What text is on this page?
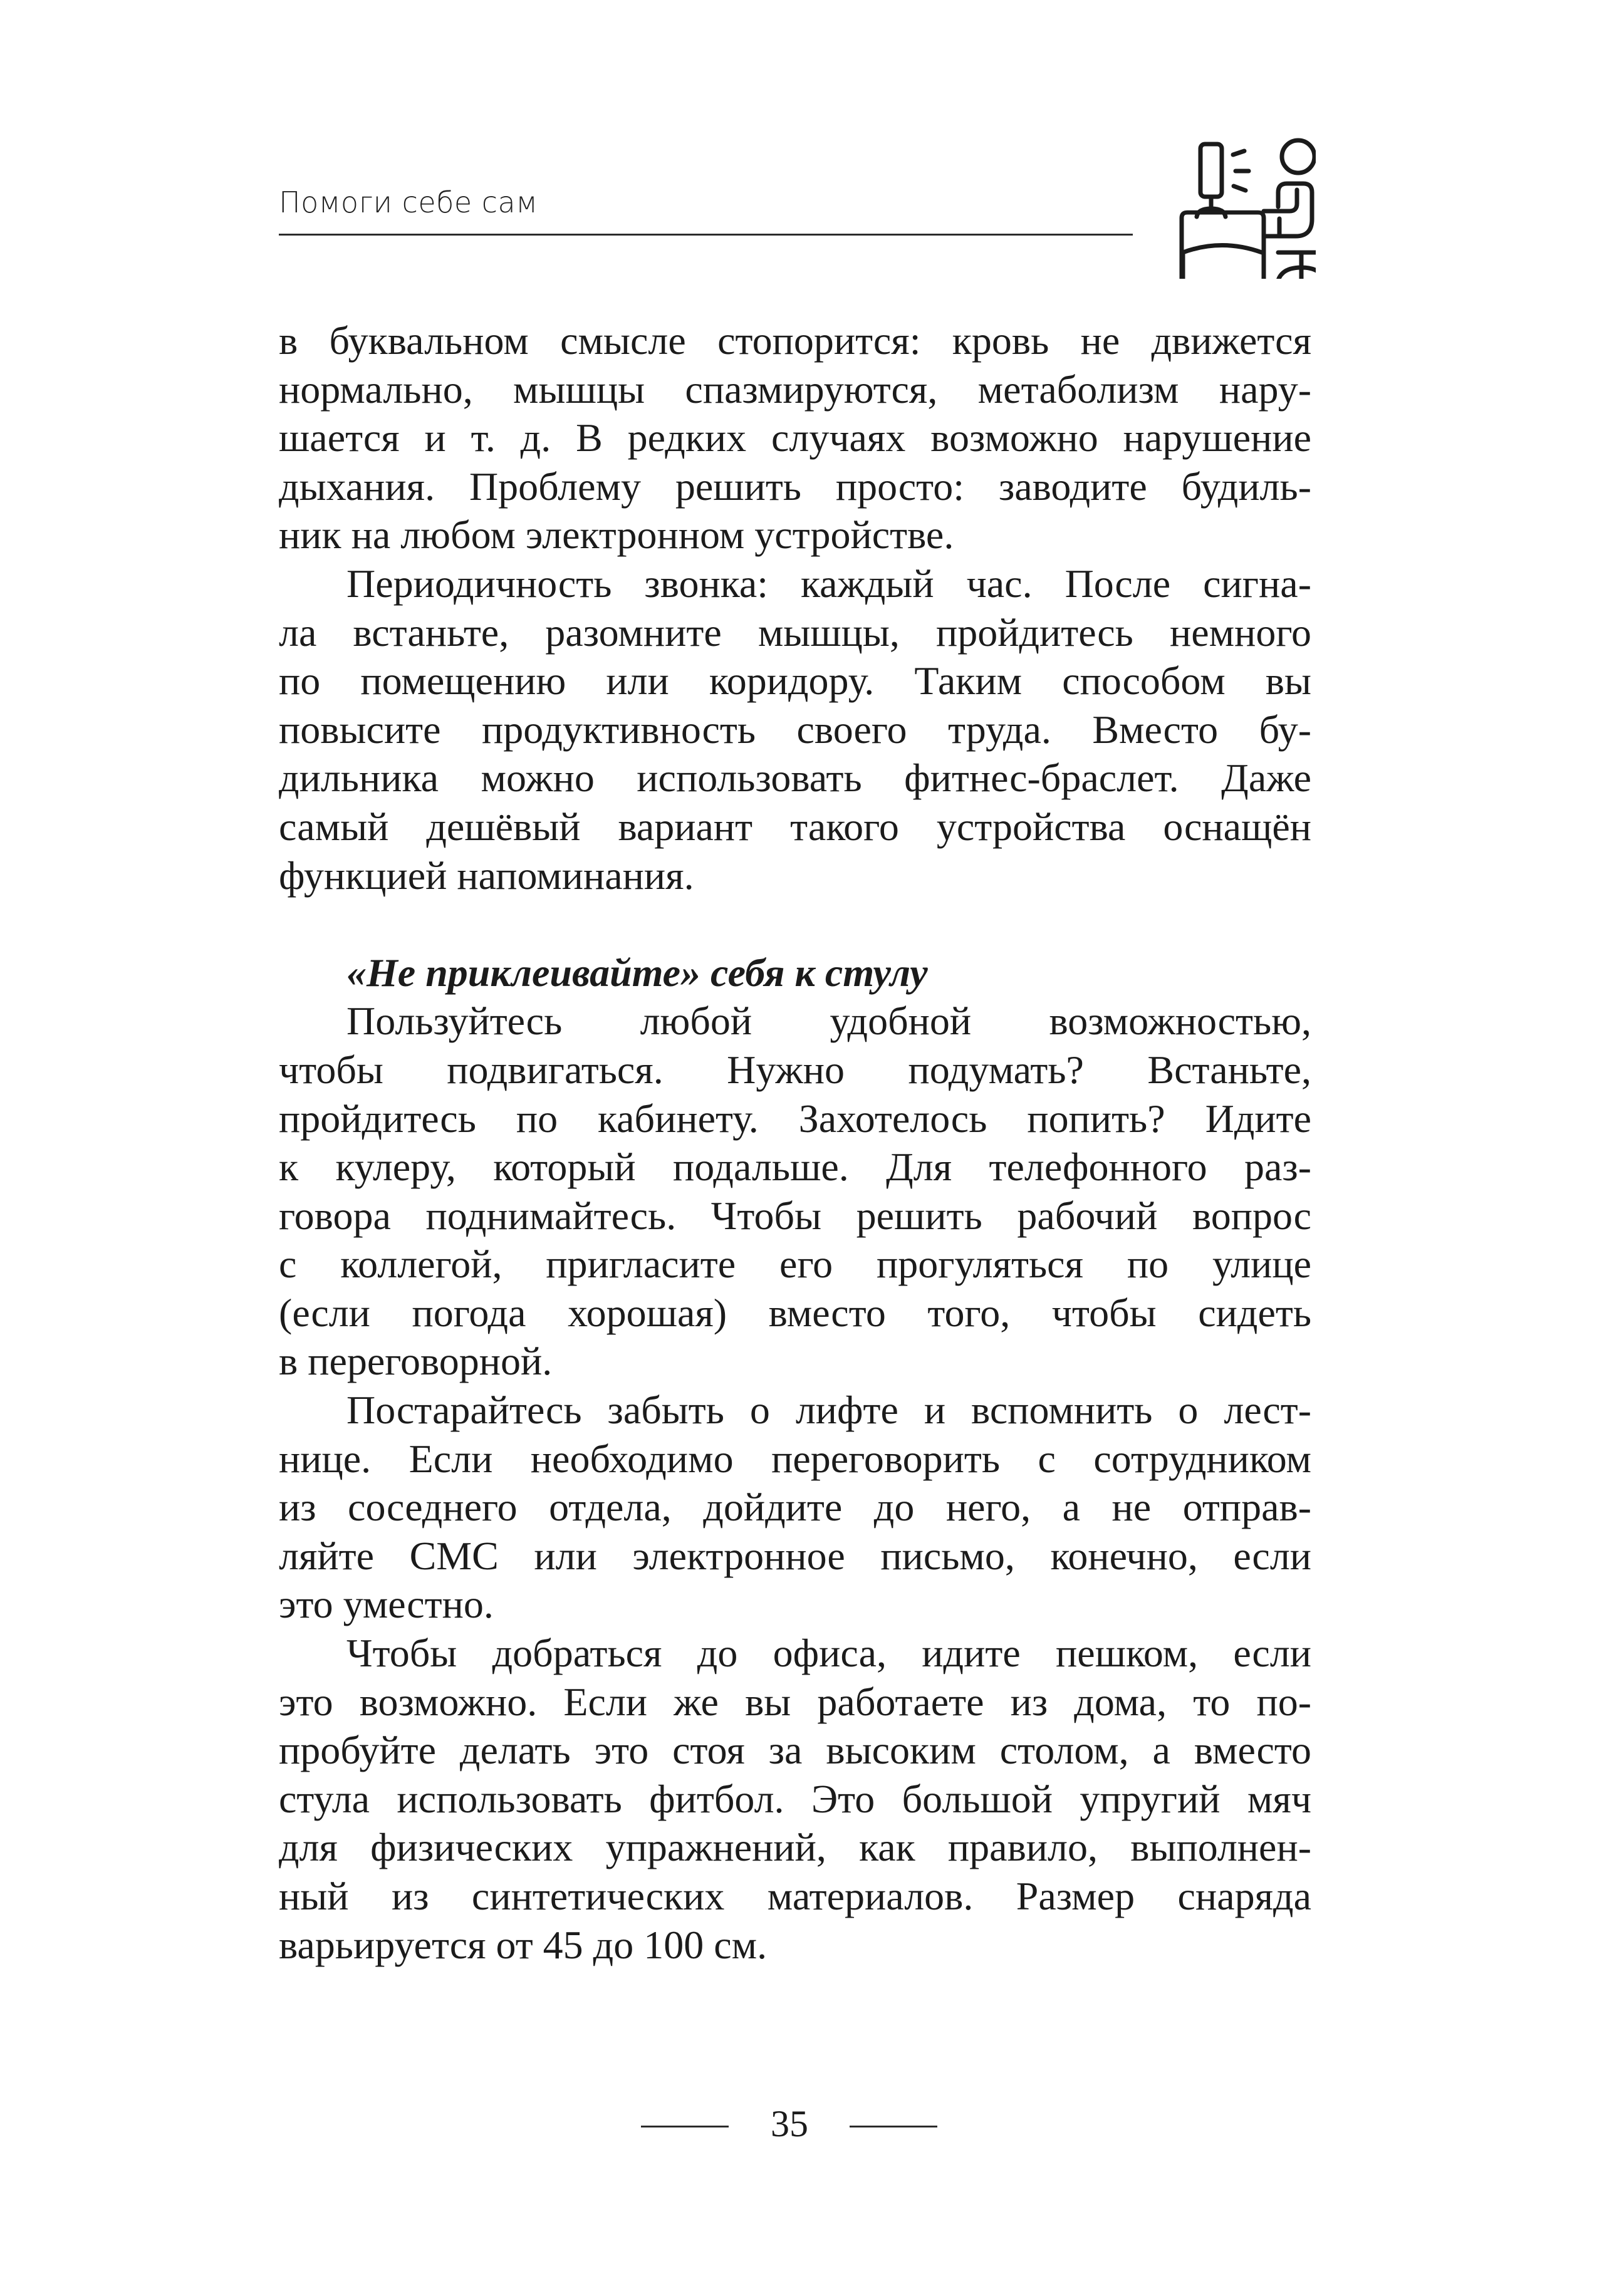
Помоги себе сам
в буквальном смысле стопорится: кровь не движется
нормально, мышцы спазмируются, метаболизм нару-
шается и т. д. В редких случаях возможно нарушение
дыхания. Проблему решить просто: заводите будиль-
ник на любом электронном устройстве.
Периодичность звонка: каждый час. После сигна-
ла встаньте, разомните мышцы, пройдитесь немного
по помещению или коридору. Таким способом вы
повысите продуктивность своего труда. Вместо бу-
дильника можно использовать фитнес-браслет. Даже
самый дешёвый вариант такого устройства оснащён
функцией напоминания.
«Не приклеивайте» себя к стулу
Пользуйтесь любой удобной возможностью,
чтобы подвигаться. Нужно подумать? Встаньте,
пройдитесь по кабинету. Захотелось попить? Идите
к кулеру, который подальше. Для телефонного раз-
говора поднимайтесь. Чтобы решить рабочий вопрос
с коллегой, пригласите его прогуляться по улице
(если погода хорошая) вместо того, чтобы сидеть
в переговорной.
Постарайтесь забыть о лифте и вспомнить о лест-
нице. Если необходимо переговорить с сотрудником
из соседнего отдела, дойдите до него, а не отправ-
ляйте СМС или электронное письмо, конечно, если
это уместно.
Чтобы добраться до офиса, идите пешком, если
это возможно. Если же вы работаете из дома, то по-
пробуйте делать это стоя за высоким столом, а вместо
стула использовать фитбол. Это большой упругий мяч
для физических упражнений, как правило, выполнен-
ный из синтетических материалов. Размер снаряда
варьируется от 45 до 100 см.
35
